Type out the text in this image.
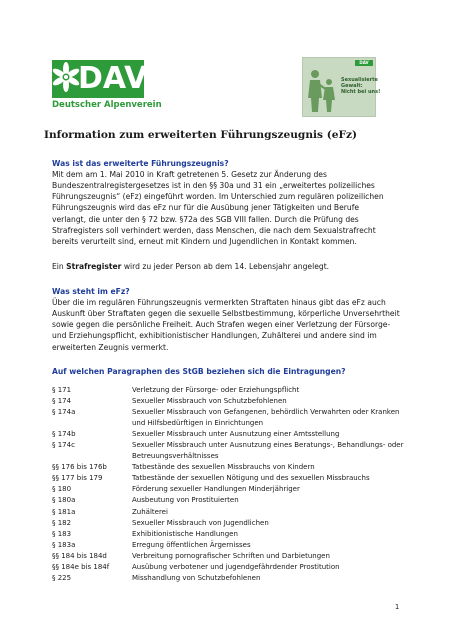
DAV
Deutscher Alpenverein
DAV
Sexualisierte
Gewalt:
Nicht bei uns!
Information zum erweiterten Führungszeugnis (eFz)
Was ist das erweiterte Führungszeugnis?
Mit dem am 1. Mai 2010 in Kraft getretenen 5. Gesetz zur Änderung des
Bundeszentralregistergesetzes ist in den §§ 30a und 31 ein „erweitertes polizeiliches
Führungszeugnis“ (eFz) eingeführt worden. Im Unterschied zum regulären polizeilichen
Führungszeugnis wird das eFz nur für die Ausübung jener Tätigkeiten und Berufe
verlangt, die unter den § 72 bzw. §72a des SGB VIII fallen. Durch die Prüfung des
Strafregisters soll verhindert werden, dass Menschen, die nach dem Sexualstrafrecht
bereits verurteilt sind, erneut mit Kindern und Jugendlichen in Kontakt kommen.
Ein Strafregister wird zu jeder Person ab dem 14. Lebensjahr angelegt.
Was steht im eFz?
Über die im regulären Führungszeugnis vermerkten Straftaten hinaus gibt das eFz auch
Auskunft über Straftaten gegen die sexuelle Selbstbestimmung, körperliche Unversehrtheit
sowie gegen die persönliche Freiheit. Auch Strafen wegen einer Verletzung der Fürsorge-
und Erziehungspflicht, exhibitionistischer Handlungen, Zuhälterei und andere sind im
erweiterten Zeugnis vermerkt.
Auf welchen Paragraphen des StGB beziehen sich die Eintragungen?
§ 171	Verletzung der Fürsorge- oder Erziehungspflicht
§ 174	Sexueller Missbrauch von Schutzbefohlenen
§ 174a	Sexueller Missbrauch von Gefangenen, behördlich Verwahrten oder Kranken
und Hilfsbedürftigen in Einrichtungen
§ 174b	Sexueller Missbrauch unter Ausnutzung einer Amtsstellung
§ 174c	Sexueller Missbrauch unter Ausnutzung eines Beratungs-, Behandlungs- oder
Betreuungsverhältnisses
§§ 176 bis 176b	Tatbestände des sexuellen Missbrauchs von Kindern
§§ 177 bis 179	Tatbestände der sexuellen Nötigung und des sexuellen Missbrauchs
§ 180	Förderung sexueller Handlungen Minderjähriger
§ 180a	Ausbeutung von Prostituierten
§ 181a	Zuhälterei
§ 182	Sexueller Missbrauch von Jugendlichen
§ 183	Exhibitionistische Handlungen
§ 183a	Erregung öffentlichen Ärgernisses
§§ 184 bis 184d	Verbreitung pornografischer Schriften und Darbietungen
§§ 184e bis 184f	Ausübung verbotener und jugendgefährdender Prostitution
§ 225	Misshandlung von Schutzbefohlenen
1
